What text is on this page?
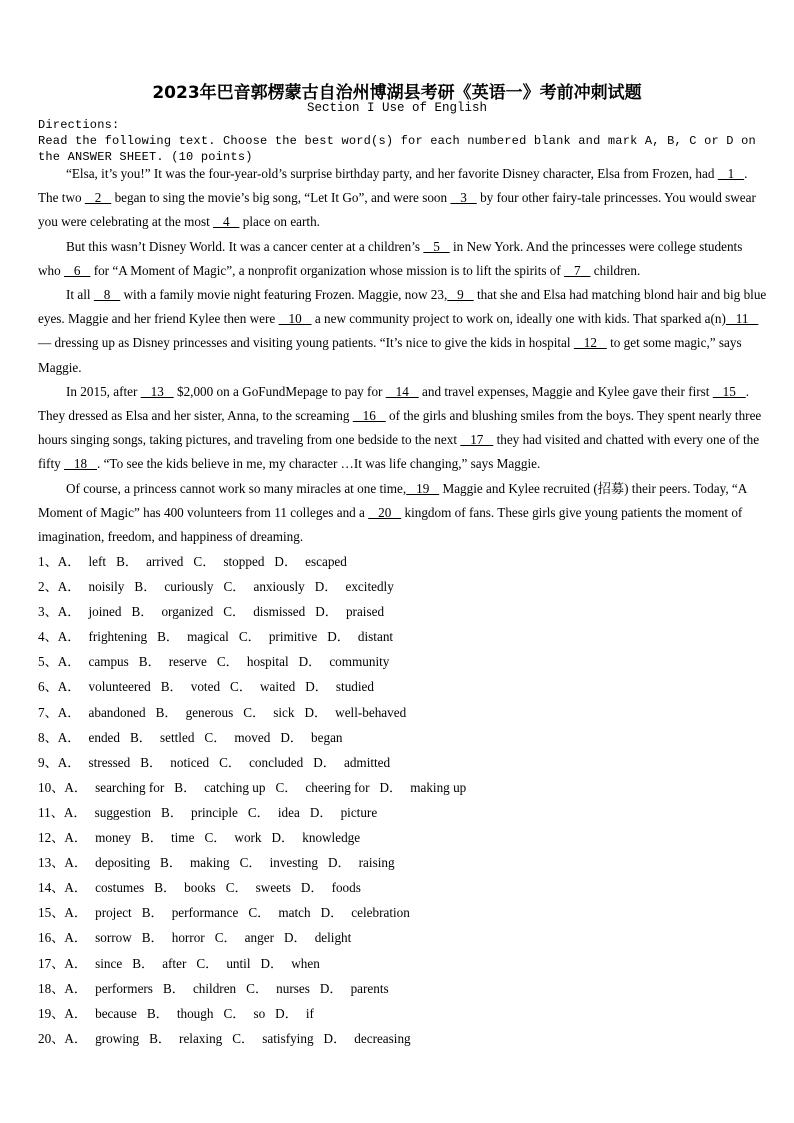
2023年巴音郭楞蒙古自治州博湖县考研《英语一》考前冲刺试题
Section I Use of English
Directions:
Read the following text. Choose the best word(s) for each numbered blank and mark A, B, C or D on the ANSWER SHEET. (10 points)

“Elsa, it’s you!” It was the four-year-old’s surprise birthday party, and her favorite Disney character, Elsa from Frozen, had    1   . The two    2    began to sing the movie’s big song, “Let It Go”, and were soon    3    by four other fairy-tale princesses. You would swear you were celebrating at the most    4    place on earth.

But this wasn’t Disney World. It was a cancer center at a children’s    5    in New York. And the princesses were college students who    6    for “A Moment of Magic”, a nonprofit organization whose mission is to lift the spirits of    7    children.

It all    8    with a family movie night featuring Frozen. Maggie, now 23,   9    that she and Elsa had matching blond hair and big blue eyes. Maggie and her friend Kylee then were    10    a new community project to work on, ideally one with kids. That sparked a(n)   11    — dressing up as Disney princesses and visiting young patients. “It’s nice to give the kids in hospital    12    to get some magic,” says Maggie.

In 2015, after    13    $2,000 on a GoFundMepage to pay for    14    and travel expenses, Maggie and Kylee gave their first    15   . They dressed as Elsa and her sister, Anna, to the screaming    16    of the girls and blushing smiles from the boys. They spent nearly three hours singing songs, taking pictures, and traveling from one bedside to the next    17    they had visited and chatted with every one of the fifty    18   . “To see the kids believe in me, my character …It was life changing,” says Maggie.

Of course, a princess cannot work so many miracles at one time,   19    Maggie and Kylee recruited (招募) their peers. Today, “A Moment of Magic” has 400 volunteers from 11 colleges and a    20    kingdom of fans. These girls give young patients the moment of imagination, freedom, and happiness of dreaming.

1、A． left B． arrived C． stopped D． escaped
2、A． noisily B． curiously C． anxiously D． excitedly
3、A． joined B． organized C． dismissed D． praised
4、A． frightening B． magical C． primitive D． distant
5、A． campus B． reserve C． hospital D． community
6、A． volunteered B． voted C． waited D． studied
7、A． abandoned B． generous C． sick D． well-behaved
8、A． ended B． settled C． moved D． began
9、A． stressed B． noticed C． concluded D． admitted
10、A． searching for B． catching up C． cheering for D． making up
11、A． suggestion B． principle C． idea D． picture
12、A． money B． time C． work D． knowledge
13、A． depositing B． making C． investing D． raising
14、A． costumes B． books C． sweets D． foods
15、A． project B． performance C． match D． celebration
16、A． sorrow B． horror C． anger D． delight
17、A． since B． after C． until D． when
18、A． performers B． children C． nurses D． parents
19、A． because B． though C． so D． if
20、A． growing B． relaxing C． satisfying D． decreasing
